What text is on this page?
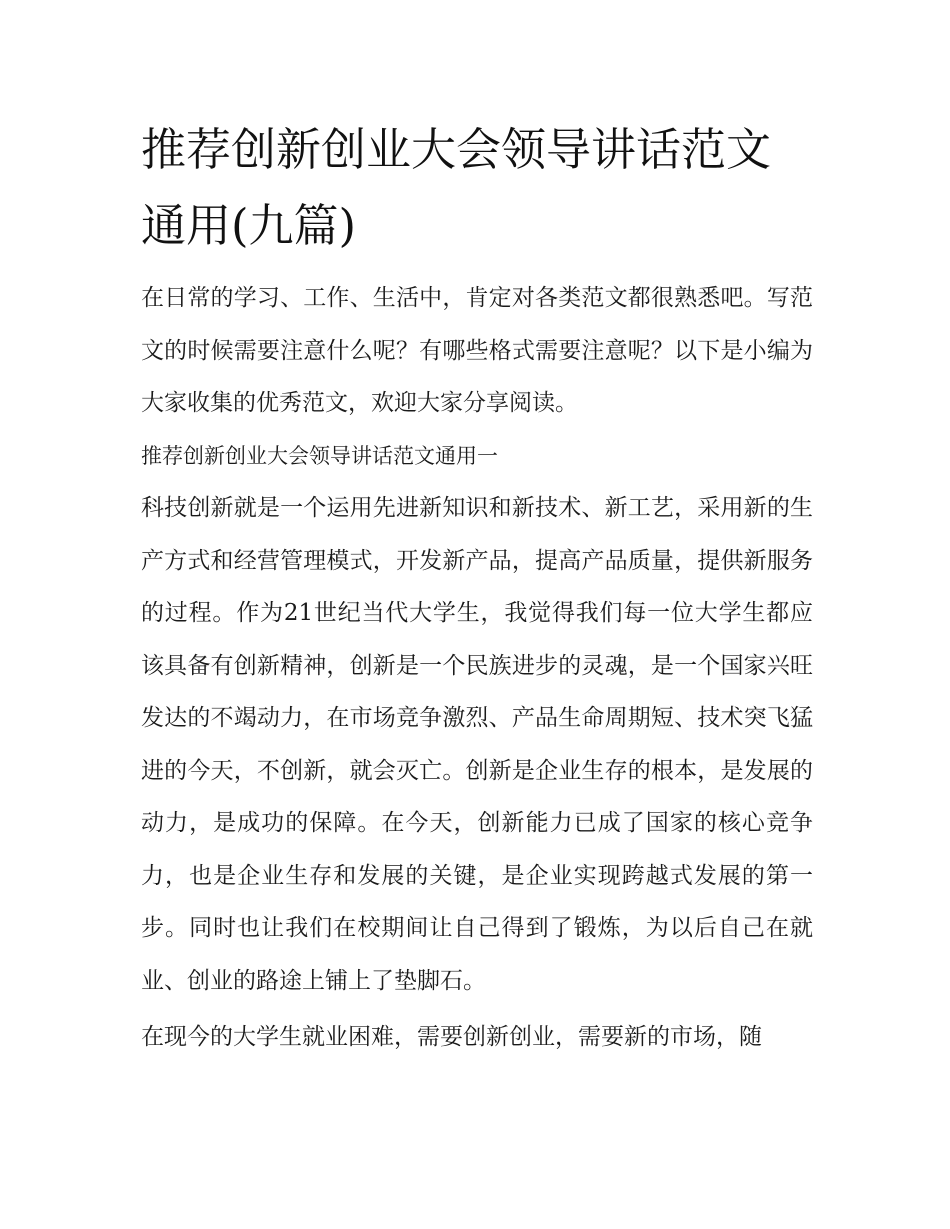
推荐创新创业大会领导讲话范文通用(九篇)

在日常的学习、工作、生活中，肯定对各类范文都很熟悉吧。写范文的时候需要注意什么呢？有哪些格式需要注意呢？以下是小编为大家收集的优秀范文，欢迎大家分享阅读。

推荐创新创业大会领导讲话范文通用一

科技创新就是一个运用先进新知识和新技术、新工艺，采用新的生产方式和经营管理模式，开发新产品，提高产品质量，提供新服务的过程。作为21世纪当代大学生，我觉得我们每一位大学生都应该具备有创新精神，创新是一个民族进步的灵魂，是一个国家兴旺发达的不竭动力，在市场竞争激烈、产品生命周期短、技术突飞猛进的今天，不创新，就会灭亡。创新是企业生存的根本，是发展的动力，是成功的保障。在今天，创新能力已成了国家的核心竞争力，也是企业生存和发展的关键，是企业实现跨越式发展的第一步。同时也让我们在校期间让自己得到了锻炼，为以后自己在就业、创业的路途上铺上了垫脚石。

在现今的大学生就业困难，需要创新创业，需要新的市场，随
